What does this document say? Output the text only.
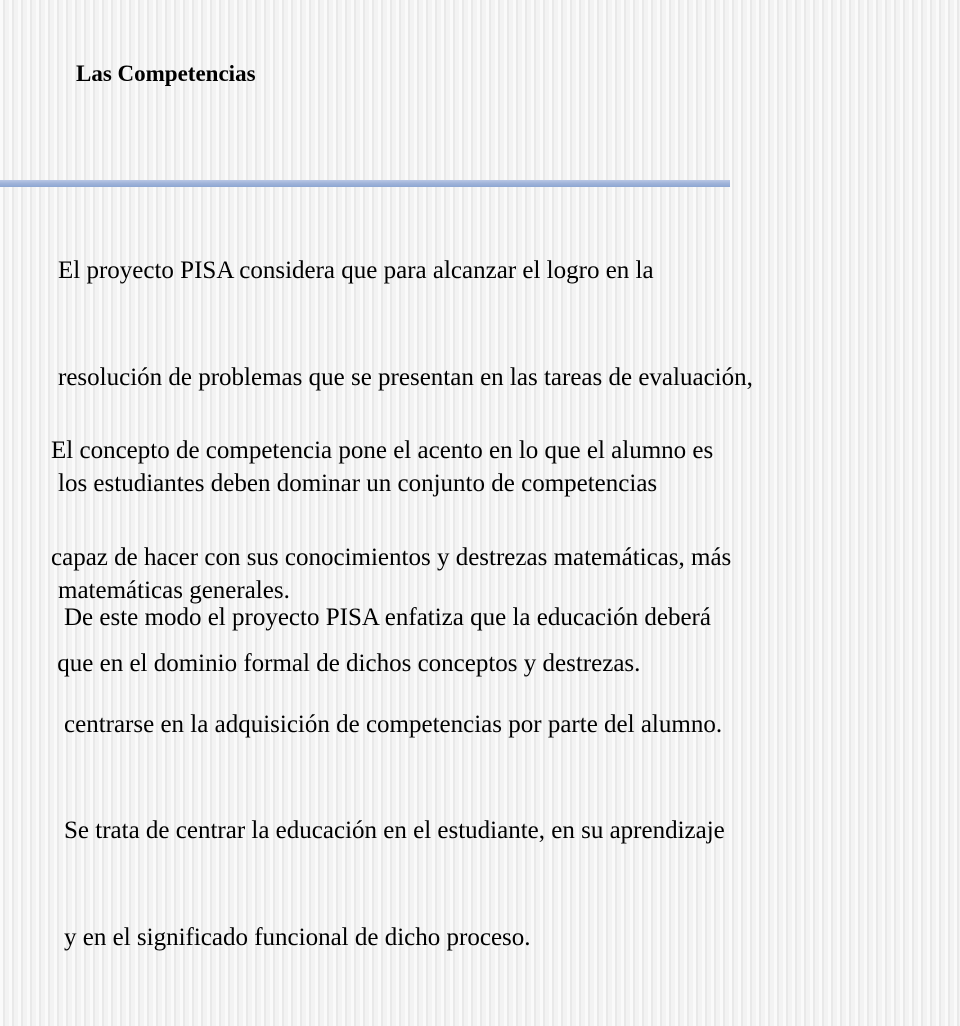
Las Competencias

El proyecto PISA considera que para alcanzar el logro en la

resolución de problemas que se presentan en las tareas de evaluación,

los estudiantes deben dominar un conjunto de competencias

matemáticas generales.

El concepto de competencia pone el acento en lo que el alumno es

capaz de hacer con sus conocimientos y destrezas matemáticas, más

que en el dominio formal de dichos conceptos y destrezas.

De este modo el proyecto PISA enfatiza que la educación deberá

centrarse en la adquisición de competencias por parte del alumno.

Se trata de centrar la educación en el estudiante, en su aprendizaje

y en el significado funcional de dicho proceso.
